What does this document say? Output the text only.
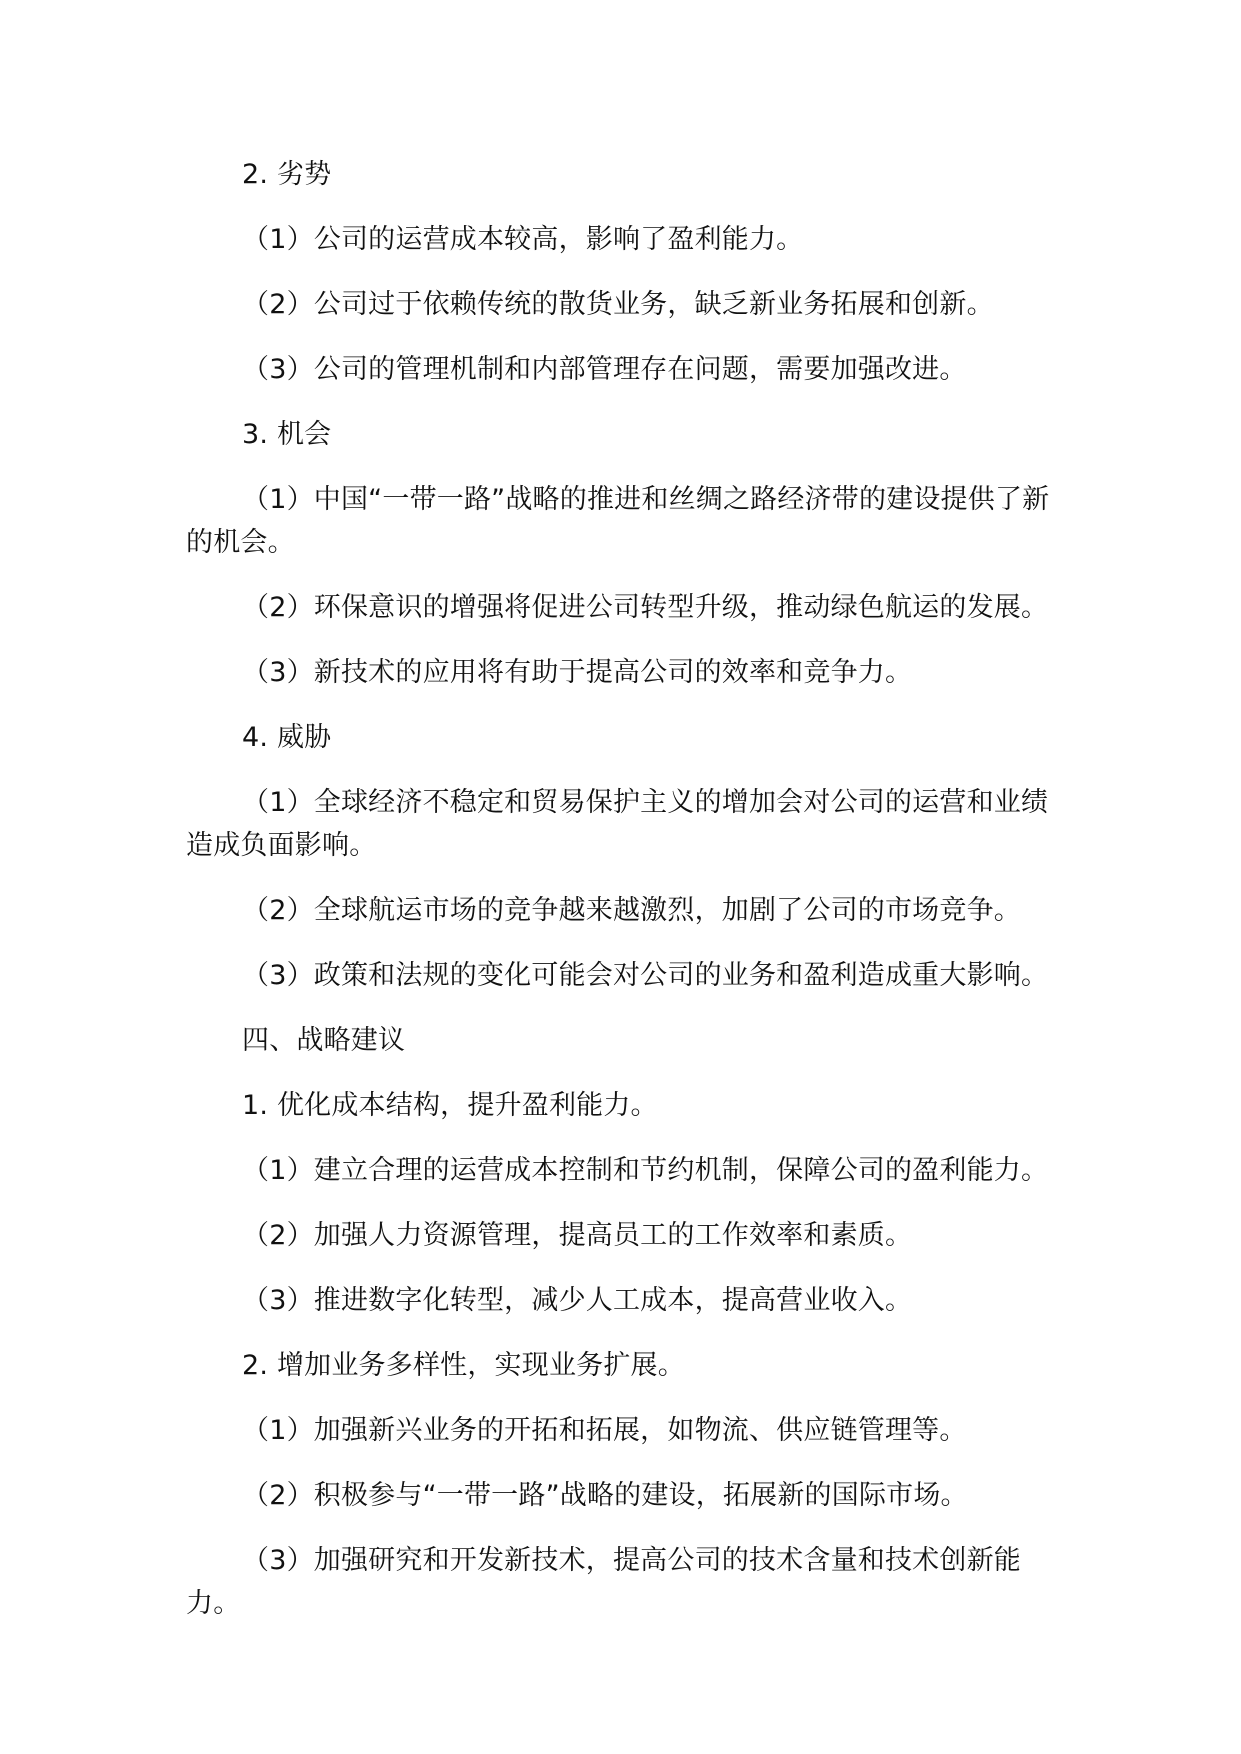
2. 劣势

（1）公司的运营成本较高，影响了盈利能力。

（2）公司过于依赖传统的散货业务，缺乏新业务拓展和创新。

（3）公司的管理机制和内部管理存在问题，需要加强改进。

3. 机会

（1）中国“一带一路”战略的推进和丝绸之路经济带的建设提供了新的机会。

（2）环保意识的增强将促进公司转型升级，推动绿色航运的发展。

（3）新技术的应用将有助于提高公司的效率和竞争力。

4. 威胁

（1）全球经济不稳定和贸易保护主义的增加会对公司的运营和业绩造成负面影响。

（2）全球航运市场的竞争越来越激烈，加剧了公司的市场竞争。

（3）政策和法规的变化可能会对公司的业务和盈利造成重大影响。

四、战略建议

1. 优化成本结构，提升盈利能力。

（1）建立合理的运营成本控制和节约机制，保障公司的盈利能力。

（2）加强人力资源管理，提高员工的工作效率和素质。

（3）推进数字化转型，减少人工成本，提高营业收入。

2. 增加业务多样性，实现业务扩展。

（1）加强新兴业务的开拓和拓展，如物流、供应链管理等。

（2）积极参与“一带一路”战略的建设，拓展新的国际市场。

（3）加强研究和开发新技术，提高公司的技术含量和技术创新能力。
